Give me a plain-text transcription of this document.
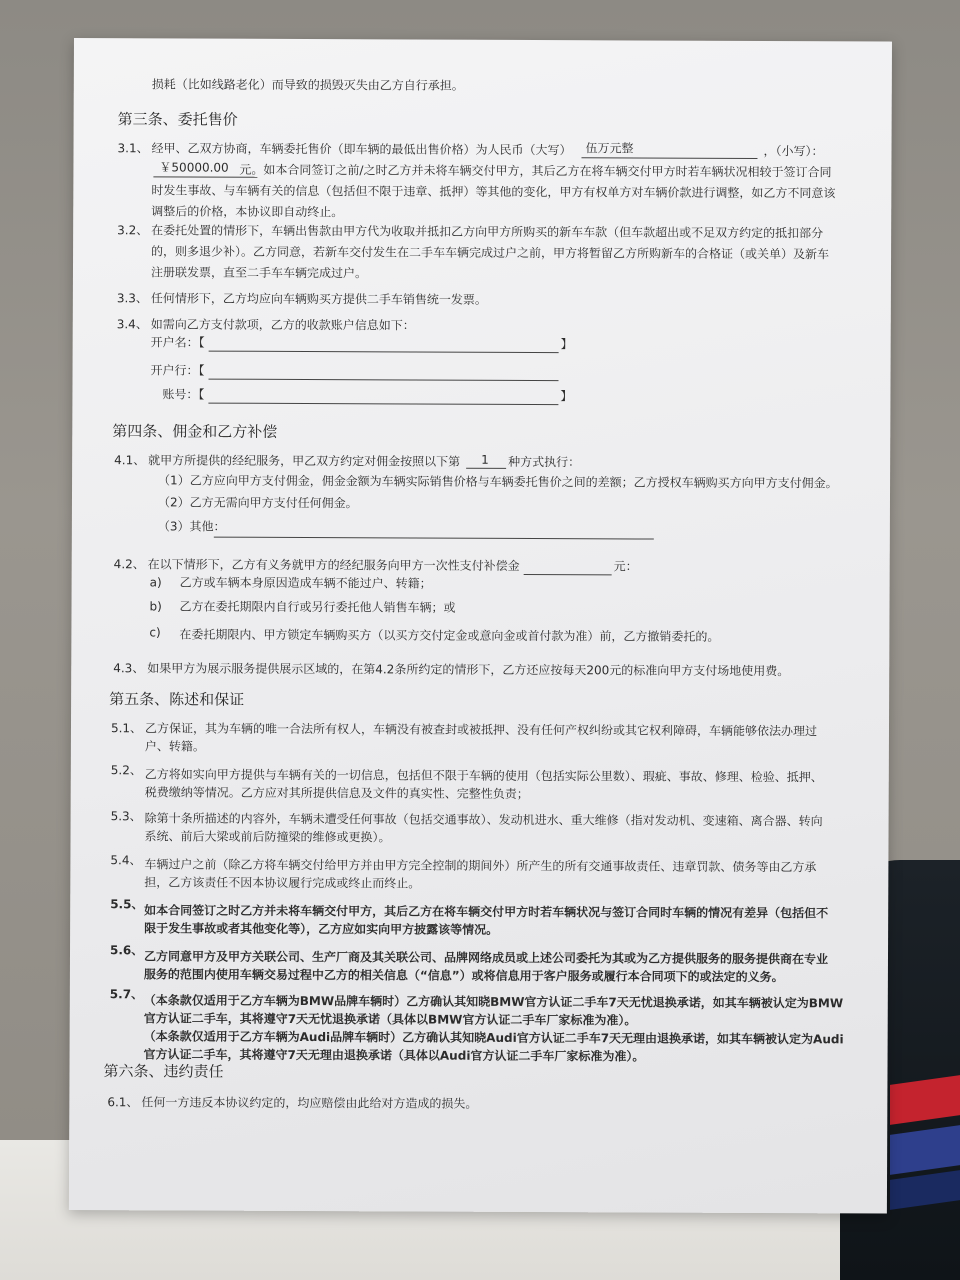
损耗（比如线路老化）而导致的损毁灭失由乙方自行承担。
第三条、委托售价
3.1、 经甲、乙双方协商，车辆委托售价（即车辆的最低出售价格）为人民币（大写） 伍万元整	，（小写）：
￥50000.00 元。如本合同签订之前/之时乙方并未将车辆交付甲方，其后乙方在将车辆交付甲方时若车辆状况相较于签订合同
时发生事故、与车辆有关的信息（包括但不限于违章、抵押）等其他的变化，甲方有权单方对车辆价款进行调整，如乙方不同意该
调整后的价格，本协议即自动终止。
3.2、 在委托处置的情形下，车辆出售款由甲方代为收取并抵扣乙方向甲方所购买的新车车款（但车款超出或不足双方约定的抵扣部分
的，则多退少补）。乙方同意，若新车交付发生在二手车车辆完成过户之前，甲方将暂留乙方所购新车的合格证（或关单）及新车
注册联发票，直至二手车车辆完成过户。
3.3、 任何情形下，乙方均应向车辆购买方提供二手车销售统一发票。
3.4、 如需向乙方支付款项，乙方的收款账户信息如下：
开户名：【	】
开户行：【
账号：【	】
第四条、佣金和乙方补偿
4.1、 就甲方所提供的经纪服务，甲乙双方约定对佣金按照以下第 1 种方式执行：
（1）乙方应向甲方支付佣金，佣金金额为车辆实际销售价格与车辆委托售价之间的差额；乙方授权车辆购买方向甲方支付佣金。
（2）乙方无需向甲方支付任何佣金。
（3）其他：
4.2、 在以下情形下，乙方有义务就甲方的经纪服务向甲方一次性支付补偿金	元：
a) 乙方或车辆本身原因造成车辆不能过户、转籍；
b) 乙方在委托期限内自行或另行委托他人销售车辆；或
c) 在委托期限内、甲方锁定车辆购买方（以买方交付定金或意向金或首付款为准）前，乙方撤销委托的。
4.3、 如果甲方为展示服务提供展示区域的，在第4.2条所约定的情形下，乙方还应按每天200元的标准向甲方支付场地使用费。
第五条、陈述和保证
5.1、 乙方保证，其为车辆的唯一合法所有权人，车辆没有被查封或被抵押、没有任何产权纠纷或其它权利障碍，车辆能够依法办理过
户、转籍。
5.2、 乙方将如实向甲方提供与车辆有关的一切信息，包括但不限于车辆的使用（包括实际公里数）、瑕疵、事故、修理、检验、抵押、
税费缴纳等情况。乙方应对其所提供信息及文件的真实性、完整性负责；
5.3、 除第十条所描述的内容外，车辆未遭受任何事故（包括交通事故）、发动机进水、重大维修（指对发动机、变速箱、离合器、转向
系统、前后大梁或前后防撞梁的维修或更换）。
5.4、 车辆过户之前（除乙方将车辆交付给甲方并由甲方完全控制的期间外）所产生的所有交通事故责任、违章罚款、债务等由乙方承
担，乙方该责任不因本协议履行完成或终止而终止。
5.5、 如本合同签订之时乙方并未将车辆交付甲方，其后乙方在将车辆交付甲方时若车辆状况与签订合同时车辆的情况有差异（包括但不
限于发生事故或者其他变化等），乙方应如实向甲方披露该等情况。
5.6、 乙方同意甲方及甲方关联公司、生产厂商及其关联公司、品牌网络成员或上述公司委托为其或为乙方提供服务的服务提供商在专业
服务的范围内使用车辆交易过程中乙方的相关信息（“信息”）或将信息用于客户服务或履行本合同项下的或法定的义务。
5.7、 （本条款仅适用于乙方车辆为BMW品牌车辆时）乙方确认其知晓BMW官方认证二手车7天无忧退换承诺，如其车辆被认定为BMW
官方认证二手车，其将遵守7天无忧退换承诺（具体以BMW官方认证二手车厂家标准为准）。
（本条款仅适用于乙方车辆为Audi品牌车辆时）乙方确认其知晓Audi官方认证二手车7天无理由退换承诺，如其车辆被认定为Audi
官方认证二手车，其将遵守7天无理由退换承诺（具体以Audi官方认证二手车厂家标准为准）。
第六条、违约责任
6.1、 任何一方违反本协议约定的，均应赔偿由此给对方造成的损失。
